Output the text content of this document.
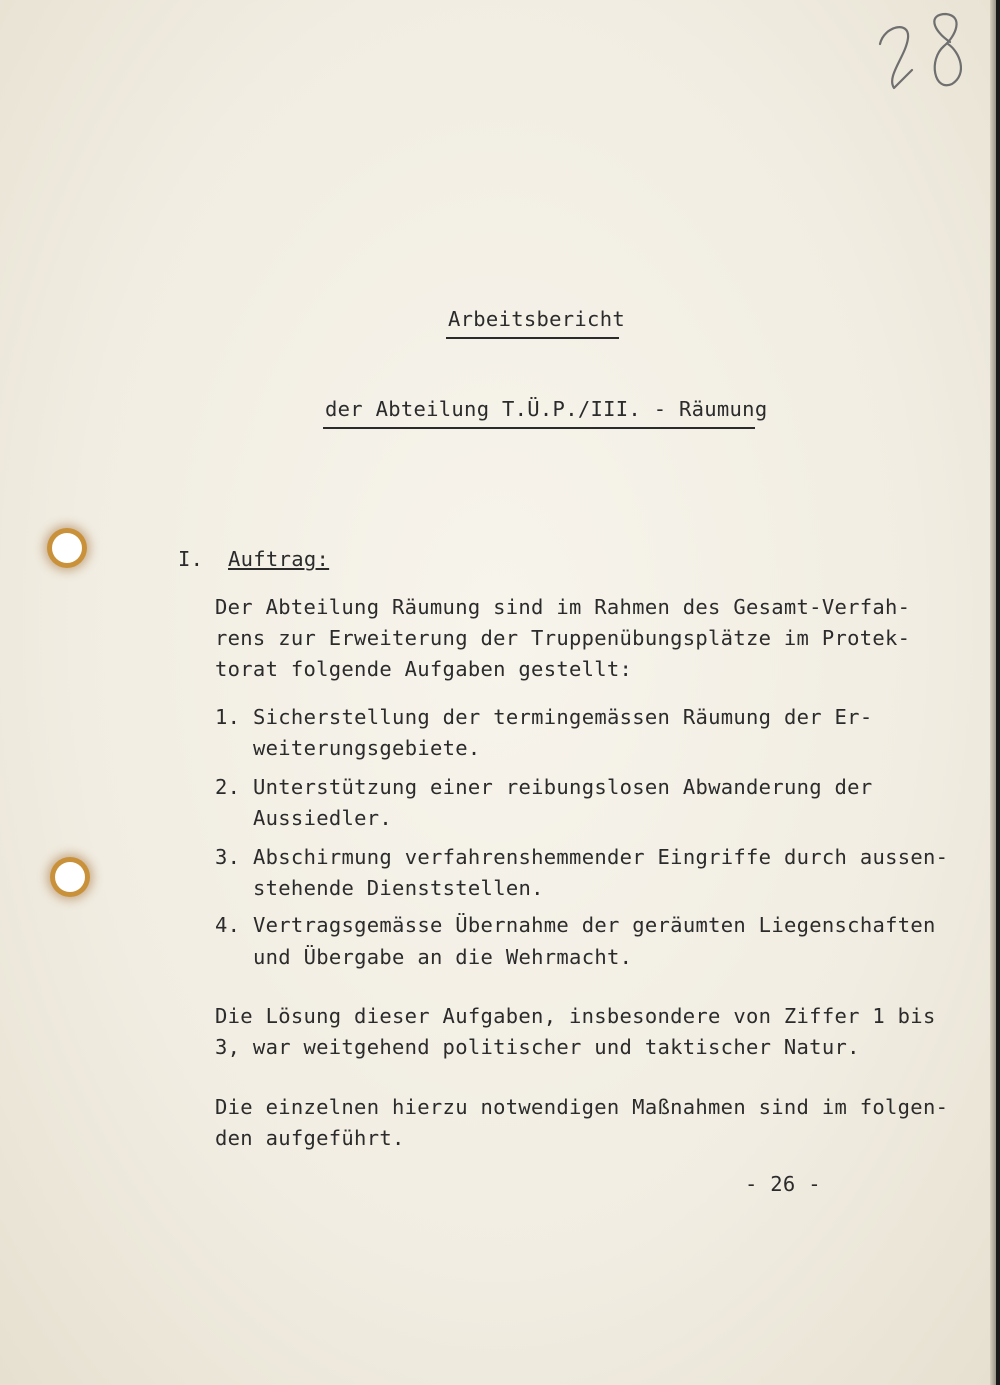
Arbeitsbericht
der Abteilung T.Ü.P./III. - Räumung
I. Auftrag:
Der Abteilung Räumung sind im Rahmen des Gesamt-Verfah-
rens zur Erweiterung der Truppenübungsplätze im Protek-
torat folgende Aufgaben gestellt:
1. Sicherstellung der termingemässen Räumung der Er-
weiterungsgebiete.
2. Unterstützung einer reibungslosen Abwanderung der
Aussiedler.
3. Abschirmung verfahrenshemmender Eingriffe durch aussen-
stehende Dienststellen.
4. Vertragsgemässe Übernahme der geräumten Liegenschaften
und Übergabe an die Wehrmacht.
Die Lösung dieser Aufgaben, insbesondere von Ziffer 1 bis
3, war weitgehend politischer und taktischer Natur.
Die einzelnen hierzu notwendigen Maßnahmen sind im folgen-
den aufgeführt.
- 26 -
